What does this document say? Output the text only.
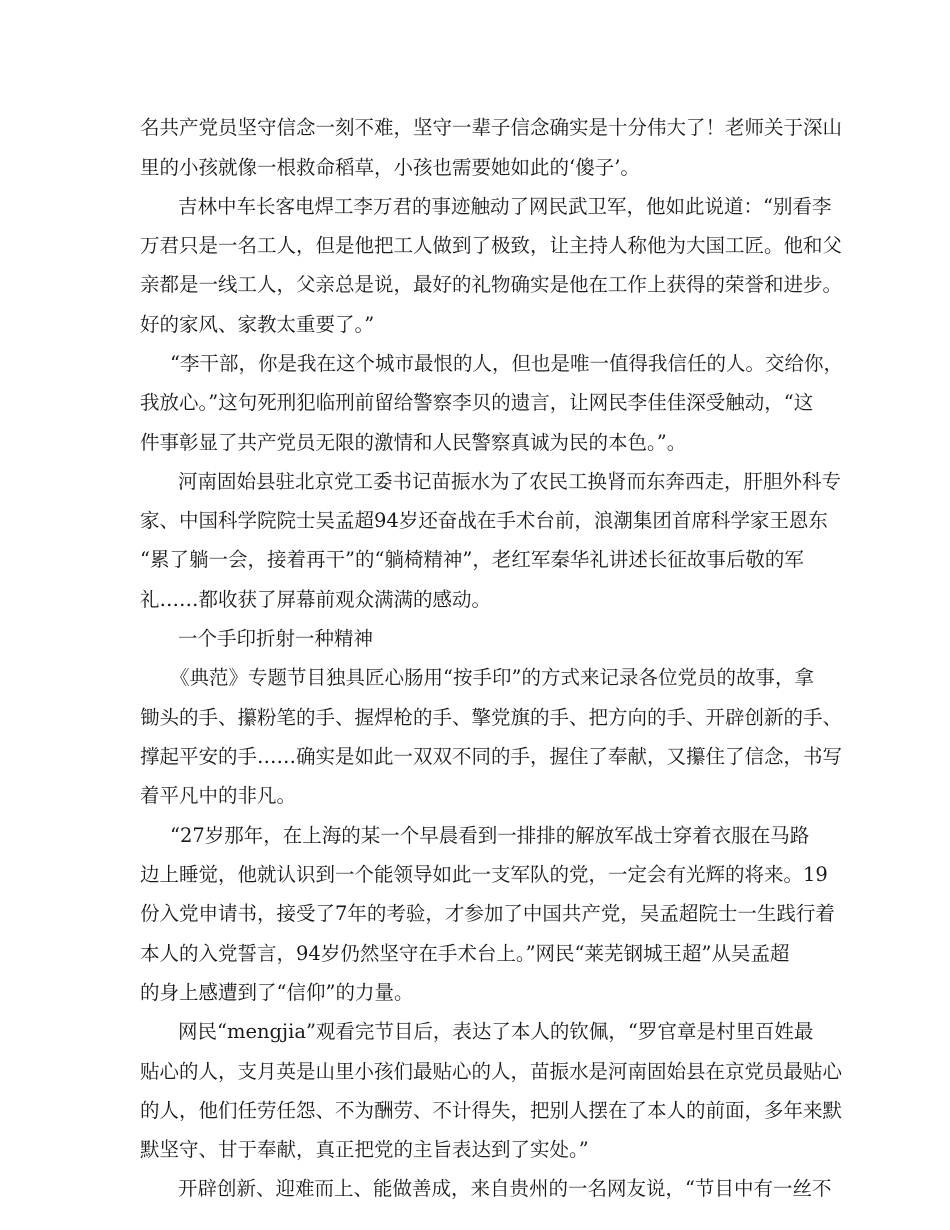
名共产党员坚守信念一刻不难，坚守一辈子信念确实是十分伟大了！老师关于深山
里的小孩就像一根救命稻草，小孩也需要她如此的‘傻子’。
吉林中车长客电焊工李万君的事迹触动了网民武卫军，他如此说道：“别看李
万君只是一名工人，但是他把工人做到了极致，让主持人称他为大国工匠。他和父
亲都是一线工人，父亲总是说，最好的礼物确实是他在工作上获得的荣誉和进步。
好的家风、家教太重要了。”
“李干部，你是我在这个城市最恨的人，但也是唯一值得我信任的人。交给你，
我放心。”这句死刑犯临刑前留给警察李贝的遗言，让网民李佳佳深受触动，“这
件事彰显了共产党员无限的激情和人民警察真诚为民的本色。”。
河南固始县驻北京党工委书记苗振水为了农民工换肾而东奔西走，肝胆外科专
家、中国科学院院士吴孟超94岁还奋战在手术台前，浪潮集团首席科学家王恩东
“累了躺一会，接着再干”的“躺椅精神”，老红军秦华礼讲述长征故事后敬的军
礼……都收获了屏幕前观众满满的感动。
一个手印折射一种精神
《典范》专题节目独具匠心肠用“按手印”的方式来记录各位党员的故事，拿
锄头的手、攥粉笔的手、握焊枪的手、擎党旗的手、把方向的手、开辟创新的手、
撑起平安的手……确实是如此一双双不同的手，握住了奉献，又攥住了信念，书写
着平凡中的非凡。
“27岁那年，在上海的某一个早晨看到一排排的解放军战士穿着衣服在马路
边上睡觉，他就认识到一个能领导如此一支军队的党，一定会有光辉的将来。19
份入党申请书，接受了7年的考验，才参加了中国共产党，吴孟超院士一生践行着
本人的入党誓言，94岁仍然坚守在手术台上。”网民“莱芜钢城王超”从吴孟超
的身上感遭到了“信仰”的力量。
网民“mengjia”观看完节目后，表达了本人的钦佩，“罗官章是村里百姓最
贴心的人，支月英是山里小孩们最贴心的人，苗振水是河南固始县在京党员最贴心
的人，他们任劳任怨、不为酬劳、不计得失，把别人摆在了本人的前面，多年来默
默坚守、甘于奉献，真正把党的主旨表达到了实处。”
开辟创新、迎难而上、能做善成，来自贵州的一名网友说，“节目中有一丝不
